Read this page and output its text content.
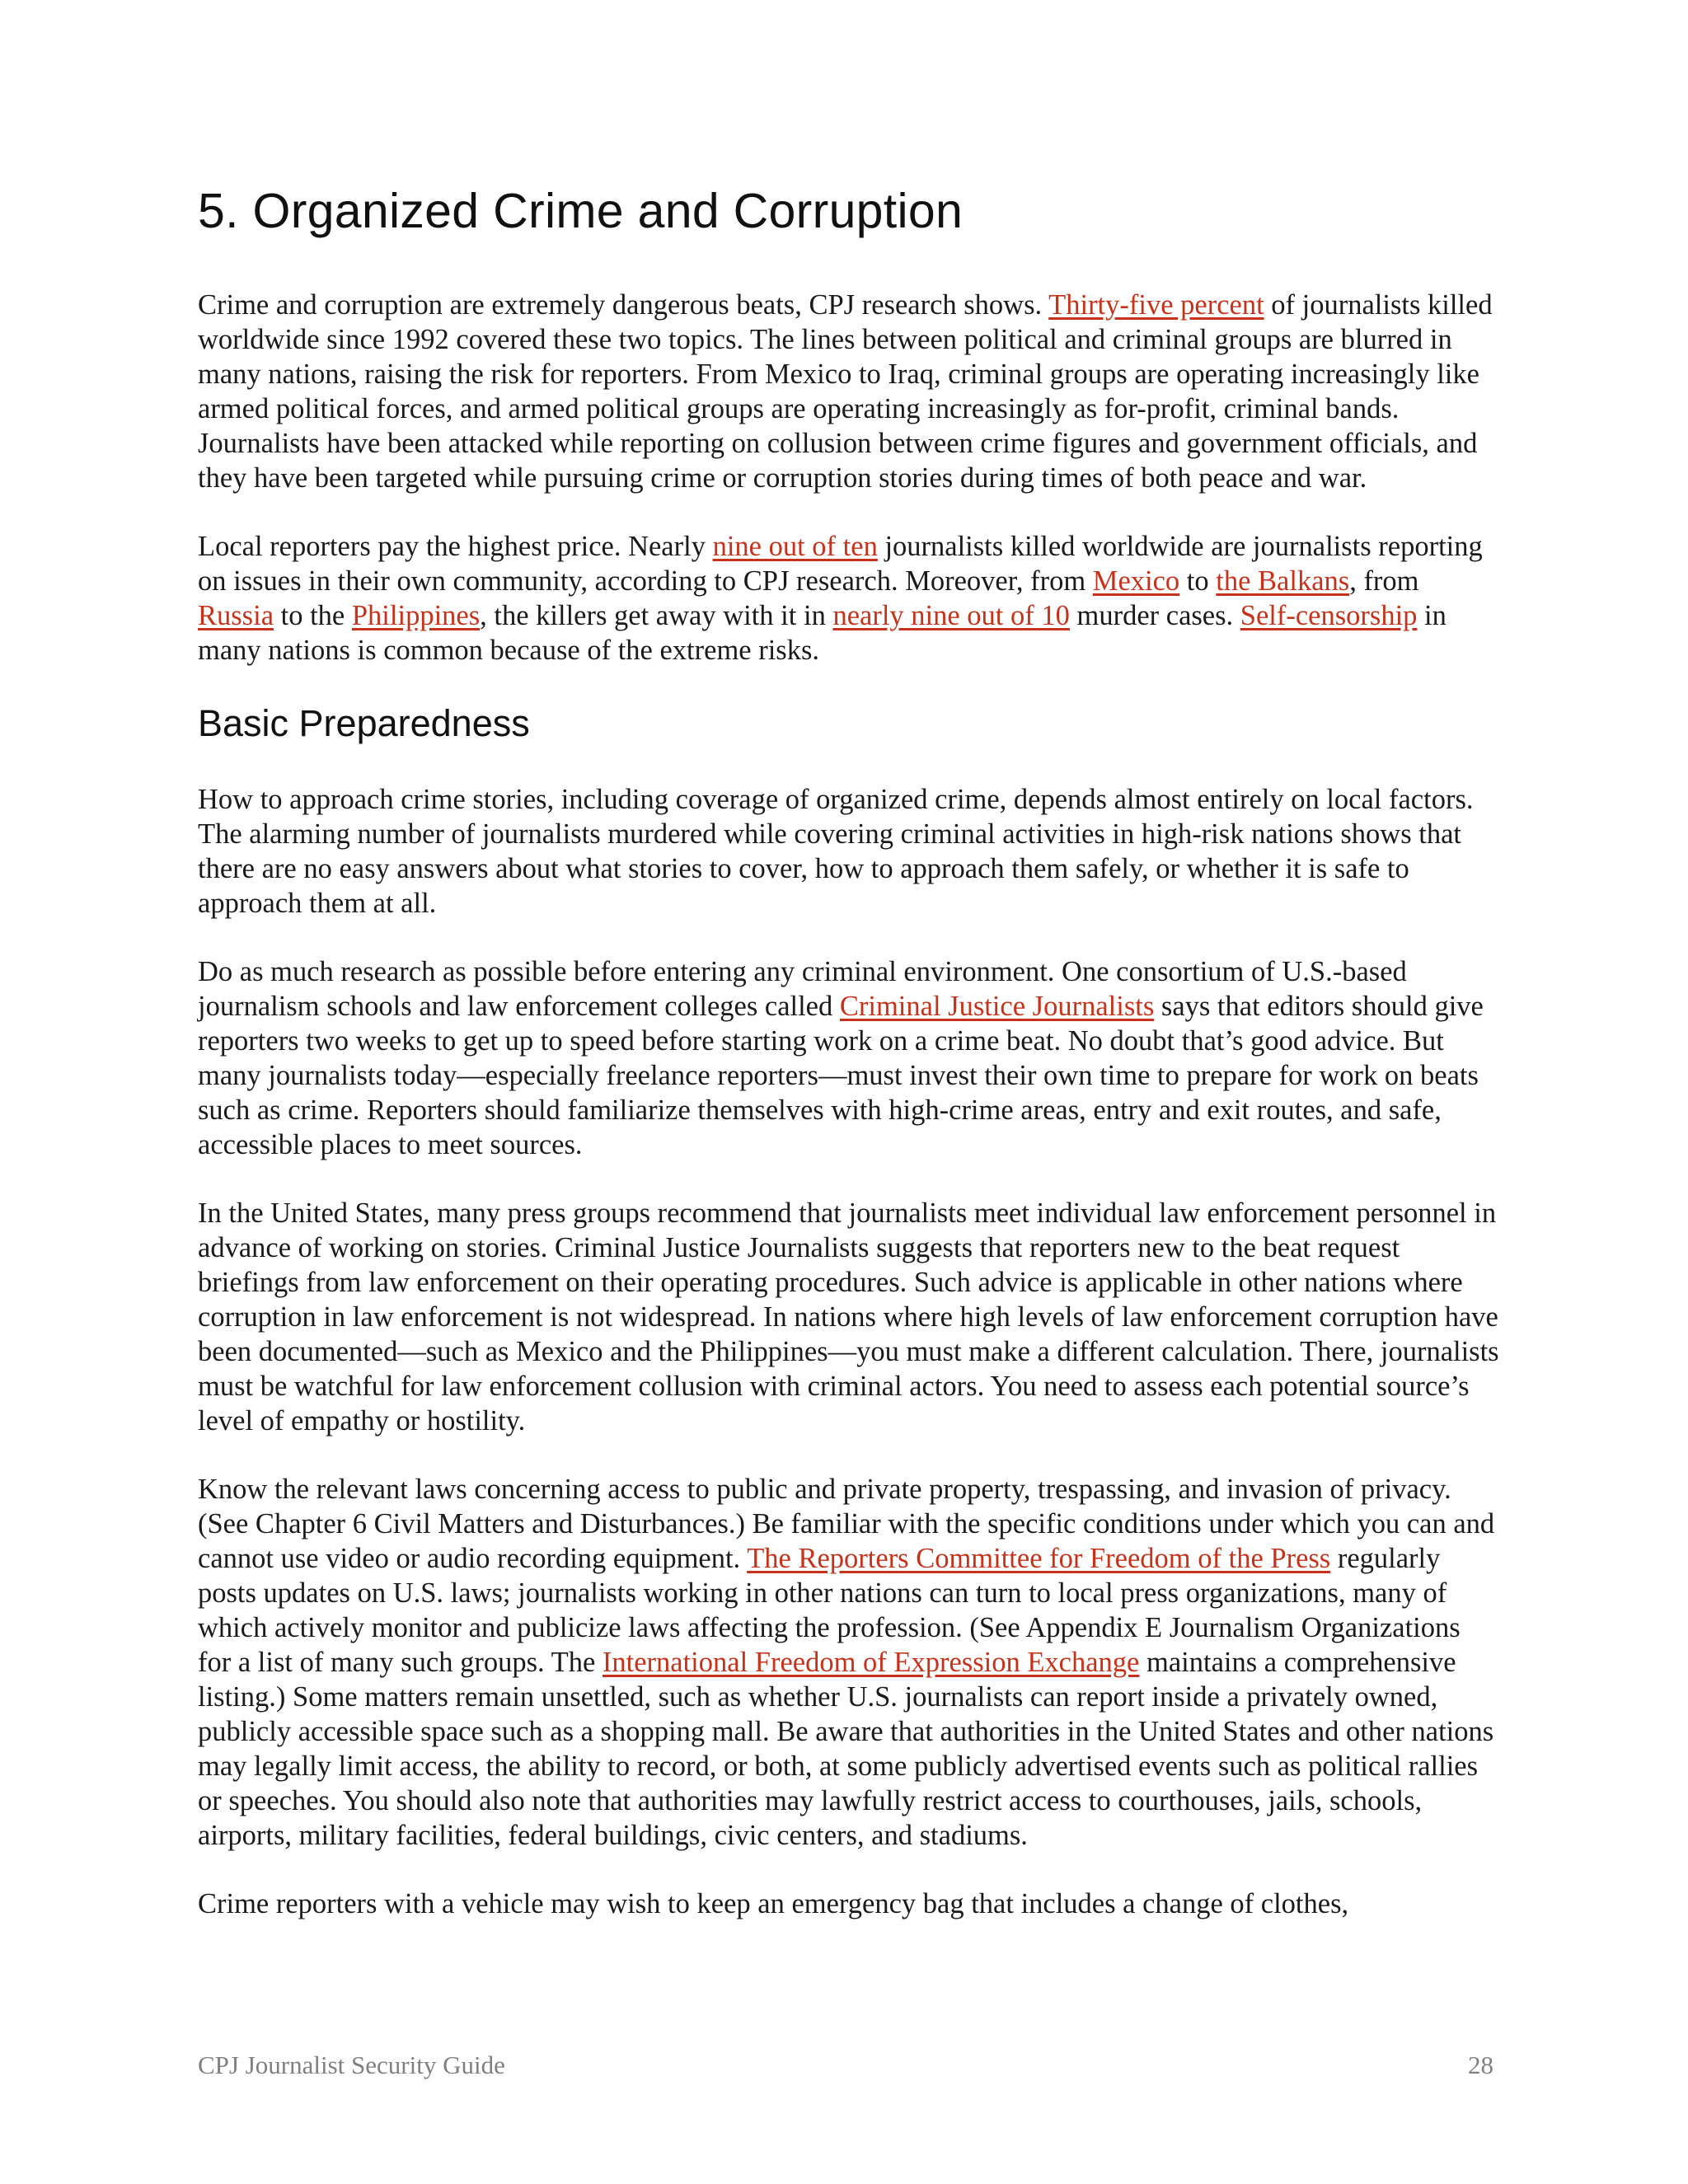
5. Organized Crime and Corruption

Crime and corruption are extremely dangerous beats, CPJ research shows. Thirty-five percent of journalists killed worldwide since 1992 covered these two topics. The lines between political and criminal groups are blurred in many nations, raising the risk for reporters. From Mexico to Iraq, criminal groups are operating increasingly like armed political forces, and armed political groups are operating increasingly as for-profit, criminal bands. Journalists have been attacked while reporting on collusion between crime figures and government officials, and they have been targeted while pursuing crime or corruption stories during times of both peace and war.

Local reporters pay the highest price. Nearly nine out of ten journalists killed worldwide are journalists reporting on issues in their own community, according to CPJ research. Moreover, from Mexico to the Balkans, from Russia to the Philippines, the killers get away with it in nearly nine out of 10 murder cases. Self-censorship in many nations is common because of the extreme risks.

Basic Preparedness

How to approach crime stories, including coverage of organized crime, depends almost entirely on local factors. The alarming number of journalists murdered while covering criminal activities in high-risk nations shows that there are no easy answers about what stories to cover, how to approach them safely, or whether it is safe to approach them at all.

Do as much research as possible before entering any criminal environment. One consortium of U.S.-based journalism schools and law enforcement colleges called Criminal Justice Journalists says that editors should give reporters two weeks to get up to speed before starting work on a crime beat. No doubt that’s good advice. But many journalists today—especially freelance reporters—must invest their own time to prepare for work on beats such as crime. Reporters should familiarize themselves with high-crime areas, entry and exit routes, and safe, accessible places to meet sources.

In the United States, many press groups recommend that journalists meet individual law enforcement personnel in advance of working on stories. Criminal Justice Journalists suggests that reporters new to the beat request briefings from law enforcement on their operating procedures. Such advice is applicable in other nations where corruption in law enforcement is not widespread. In nations where high levels of law enforcement corruption have been documented—such as Mexico and the Philippines—you must make a different calculation. There, journalists must be watchful for law enforcement collusion with criminal actors. You need to assess each potential source’s level of empathy or hostility.

Know the relevant laws concerning access to public and private property, trespassing, and invasion of privacy. (See Chapter 6 Civil Matters and Disturbances.) Be familiar with the specific conditions under which you can and cannot use video or audio recording equipment. The Reporters Committee for Freedom of the Press regularly posts updates on U.S. laws; journalists working in other nations can turn to local press organizations, many of which actively monitor and publicize laws affecting the profession. (See Appendix E Journalism Organizations for a list of many such groups. The International Freedom of Expression Exchange maintains a comprehensive listing.) Some matters remain unsettled, such as whether U.S. journalists can report inside a privately owned, publicly accessible space such as a shopping mall. Be aware that authorities in the United States and other nations may legally limit access, the ability to record, or both, at some publicly advertised events such as political rallies or speeches. You should also note that authorities may lawfully restrict access to courthouses, jails, schools, airports, military facilities, federal buildings, civic centers, and stadiums.

Crime reporters with a vehicle may wish to keep an emergency bag that includes a change of clothes,

CPJ Journalist Security Guide	28
